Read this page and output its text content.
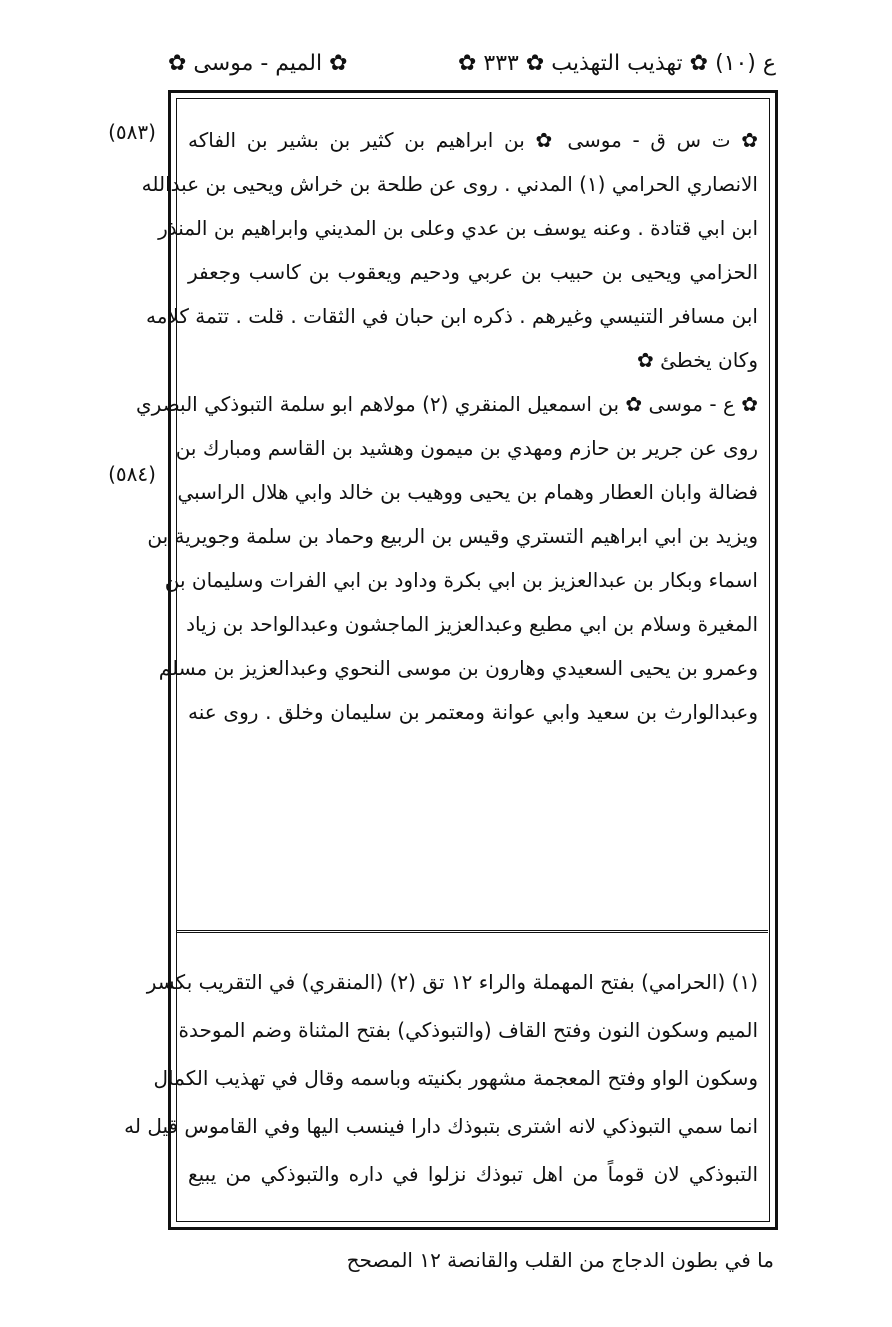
ع (١٠) ✿ تهذيب التهذيب ✿ ٣٣٣ ✿
✿ الميم - موسى ✿
(٥٨٣)
(٥٨٤)
✿ ت س ق - موسى ✿ بن ابراهيم بن كثير بن بشير بن الفاكه
الانصاري الحرامي (١) المدني . روى عن طلحة بن خراش ويحيى بن عبدالله
ابن ابي قتادة . وعنه يوسف بن عدي وعلى بن المديني وابراهيم بن المنذر
الحزامي ويحيى بن حبيب بن عربي ودحيم ويعقوب بن كاسب وجعفر
ابن مسافر التنيسي وغيرهم . ذكره ابن حبان في الثقات . قلت . تتمة كلامه
وكان يخطئ ✿
✿ ع - موسى ✿ بن اسمعيل المنقري (٢) مولاهم ابو سلمة التبوذكي البصري
روى عن جرير بن حازم ومهدي بن ميمون وهشيد بن القاسم ومبارك بن
فضالة وابان العطار وهمام بن يحيى ووهيب بن خالد وابي هلال الراسبي
ويزيد بن ابي ابراهيم التستري وقيس بن الربيع وحماد بن سلمة وجويرية بن
اسماء وبكار بن عبدالعزيز بن ابي بكرة وداود بن ابي الفرات وسليمان بن
المغيرة وسلام بن ابي مطيع وعبدالعزيز الماجشون وعبدالواحد بن زياد
وعمرو بن يحيى السعيدي وهارون بن موسى النحوي وعبدالعزيز بن مسلم
وعبدالوارث بن سعيد وابي عوانة ومعتمر بن سليمان وخلق . روى عنه
(١) (الحرامي) بفتح المهملة والراء ١٢ تق (٢) (المنقري) في التقريب بكسر
الميم وسكون النون وفتح القاف (والتبوذكي) بفتح المثناة وضم الموحدة
وسكون الواو وفتح المعجمة مشهور بكنيته وباسمه وقال في تهذيب الكمال
انما سمي التبوذكي لانه اشترى بتبوذك دارا فينسب اليها وفي القاموس قيل له
التبوذكي لان قوماً من اهل تبوذك نزلوا في داره والتبوذكي من يبيع
ما في بطون الدجاج من القلب والقانصة ١٢ المصحح
